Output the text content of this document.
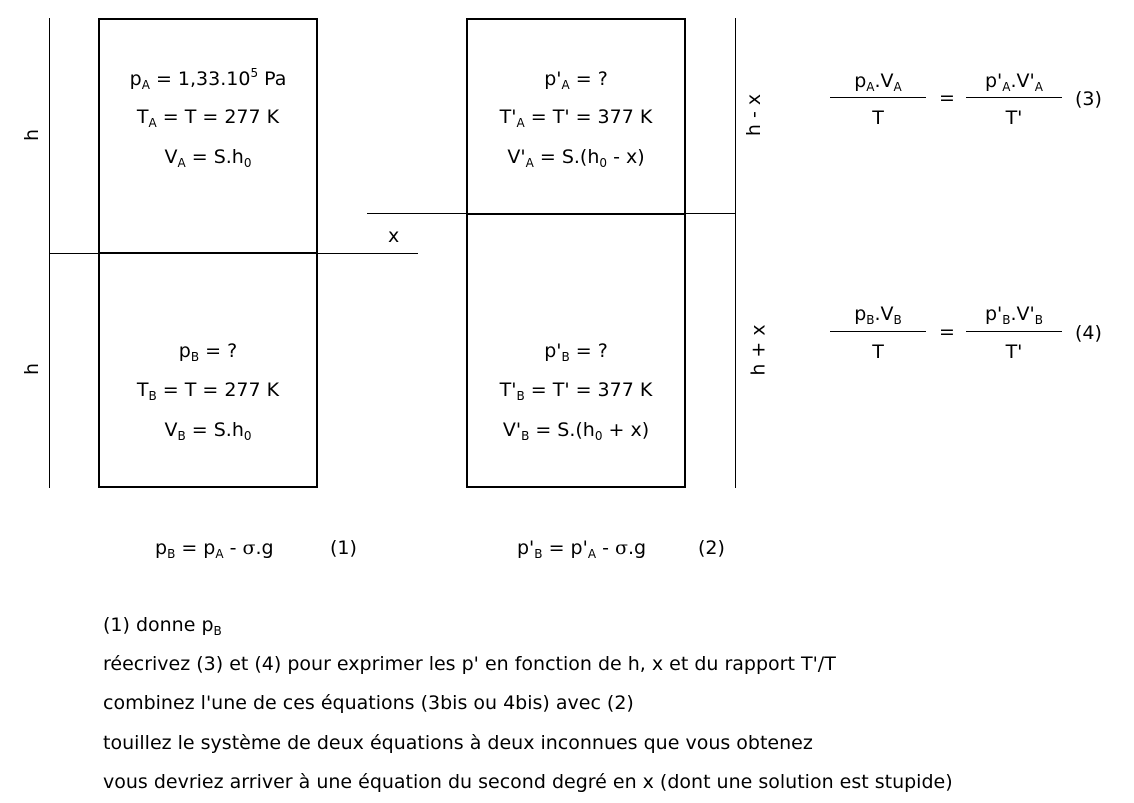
h
h
$p_A = 1,33.10^5$ Pa
$T_A = T = 277$ K
$V_A = S.h_0$
$p_B$ = ?
$T_B = T = 277$ K
$V_B = S.h_0$
x
h - x
h + x
$p'_A$ = ?
$T'_A = T' = 377$ K
$V'_A = S.(h_0 - x)$
$p'_B$ = ?
$T'_B = T' = 377$ K
$V'_B = S.(h_0 + x)$
$p_A.V_A$
T
=
$p'_A.V'_A$
T'
(3)
$p_B.V_B$
T
=
$p'_B.V'_B$
T'
(4)
$p_B = p_A - \sigma.g$	(1)	$p'_B = p'_A - \sigma.g$	(2)
(1) donne $p_B$
réecrivez (3) et (4) pour exprimer les p' en fonction de h, x et du rapport T'/T
combinez l'une de ces équations (3bis ou 4bis) avec (2)
touillez le système de deux équations à deux inconnues que vous obtenez
vous devriez arriver à une équation du second degré en x (dont une solution est stupide)
